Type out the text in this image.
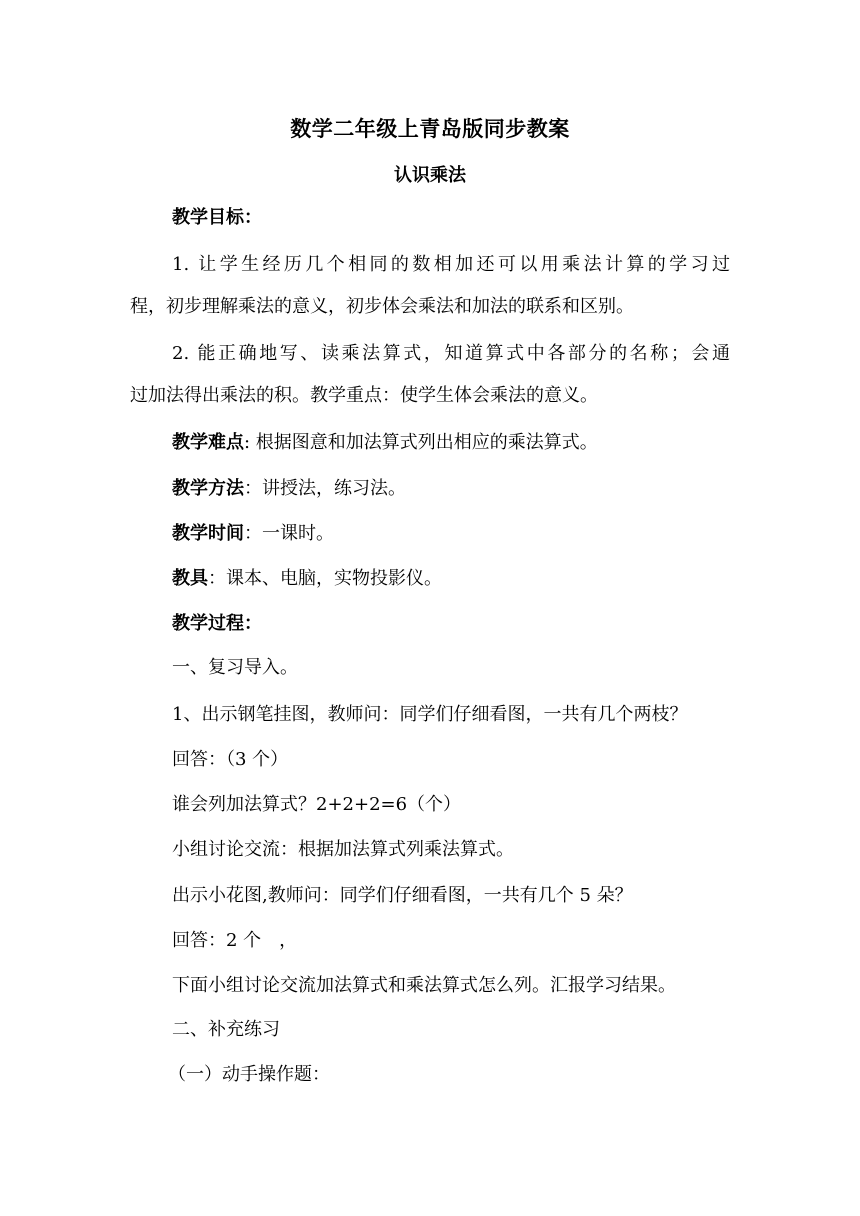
数学二年级上青岛版同步教案
认识乘法
教学目标：
1. 让学生经历几个相同的数相加还可以用乘法计算的学习过
程，初步理解乘法的意义，初步体会乘法和加法的联系和区别。
2. 能正确地写、读乘法算式，知道算式中各部分的名称；会通
过加法得出乘法的积。教学重点：使学生体会乘法的意义。
教学难点: 根据图意和加法算式列出相应的乘法算式。
教学方法：讲授法，练习法。
教学时间：一课时。
教具：课本、电脑，实物投影仪。
教学过程：
一、复习导入。
1、出示钢笔挂图，教师问：同学们仔细看图，一共有几个两枝？
回答：（3 个）
谁会列加法算式？2+2+2=6（个）
小组讨论交流：根据加法算式列乘法算式。
出示小花图,教师问：同学们仔细看图，一共有几个 5 朵？
回答：2 个　，
下面小组讨论交流加法算式和乘法算式怎么列。汇报学习结果。
二、补充练习
（一）动手操作题：
